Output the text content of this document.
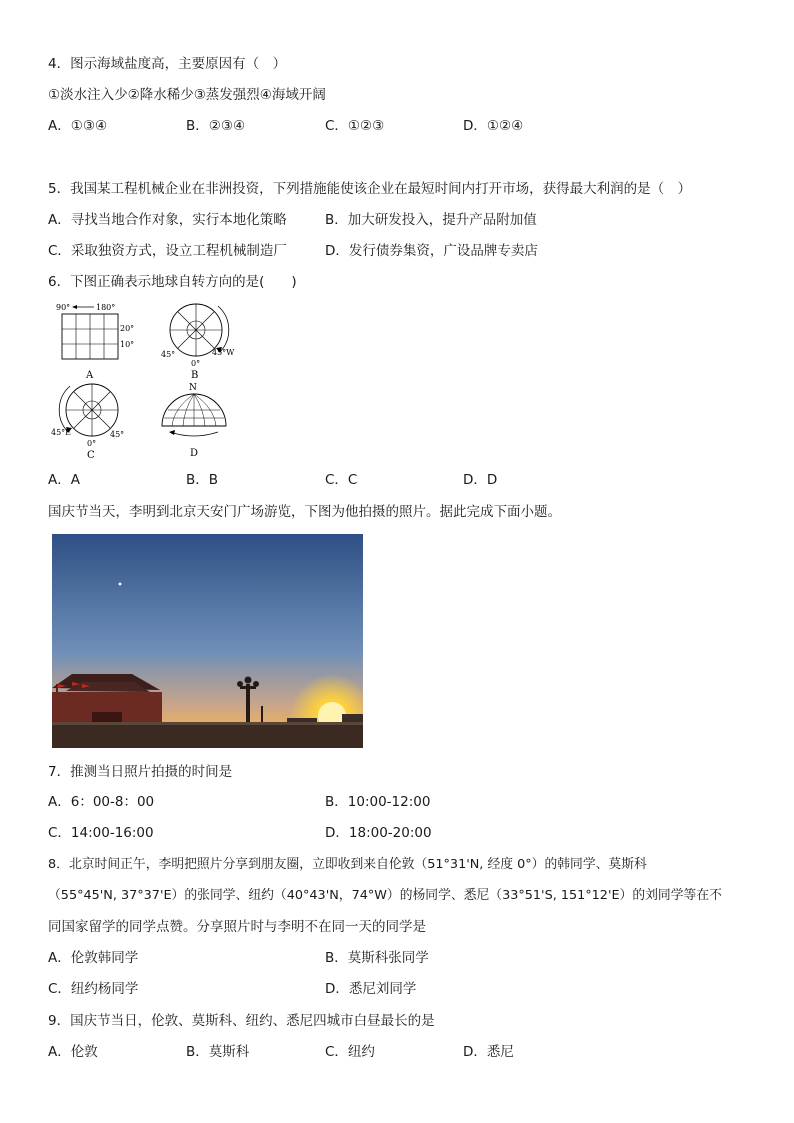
4．图示海域盐度高，主要原因有（　）
①淡水注入少②降水稀少③蒸发强烈④海域开阔
A．①③④	B．②③④	C．①②③	D．①②④
5．我国某工程机械企业在非洲投资，下列措施能使该企业在最短时间内打开市场，获得最大利润的是（　）
A．寻找当地合作对象，实行本地化策略	B．加大研发投入，提升产品附加值
C．采取独资方式，设立工程机械制造厂	D．发行债券集资，广设品牌专卖店
6．下图正确表示地球自转方向的是(　　)
90°	180°
20°
10°
A
45°	45°W
0°
B
45°E	45°
0°
C
N
D
A．A	B．B	C．C	D．D
国庆节当天，李明到北京天安门广场游览，下图为他拍摄的照片。据此完成下面小题。
7．推测当日照片拍摄的时间是
A．6：00-8：00	B．10:00-12:00
C．14:00-16:00	D．18:00-20:00
8．北京时间正午，李明把照片分享到朋友圈，立即收到来自伦敦（51°31'N, 经度 0°）的韩同学、莫斯科
（55°45'N, 37°37'E）的张同学、纽约（40°43'N，74°W）的杨同学、悉尼（33°51'S, 151°12'E）的刘同学等在不
同国家留学的同学点赞。分享照片时与李明不在同一天的同学是
A．伦敦韩同学	B．莫斯科张同学
C．纽约杨同学	D．悉尼刘同学
9．国庆节当日，伦敦、莫斯科、纽约、悉尼四城市白昼最长的是
A．伦敦	B．莫斯科	C．纽约	D．悉尼
